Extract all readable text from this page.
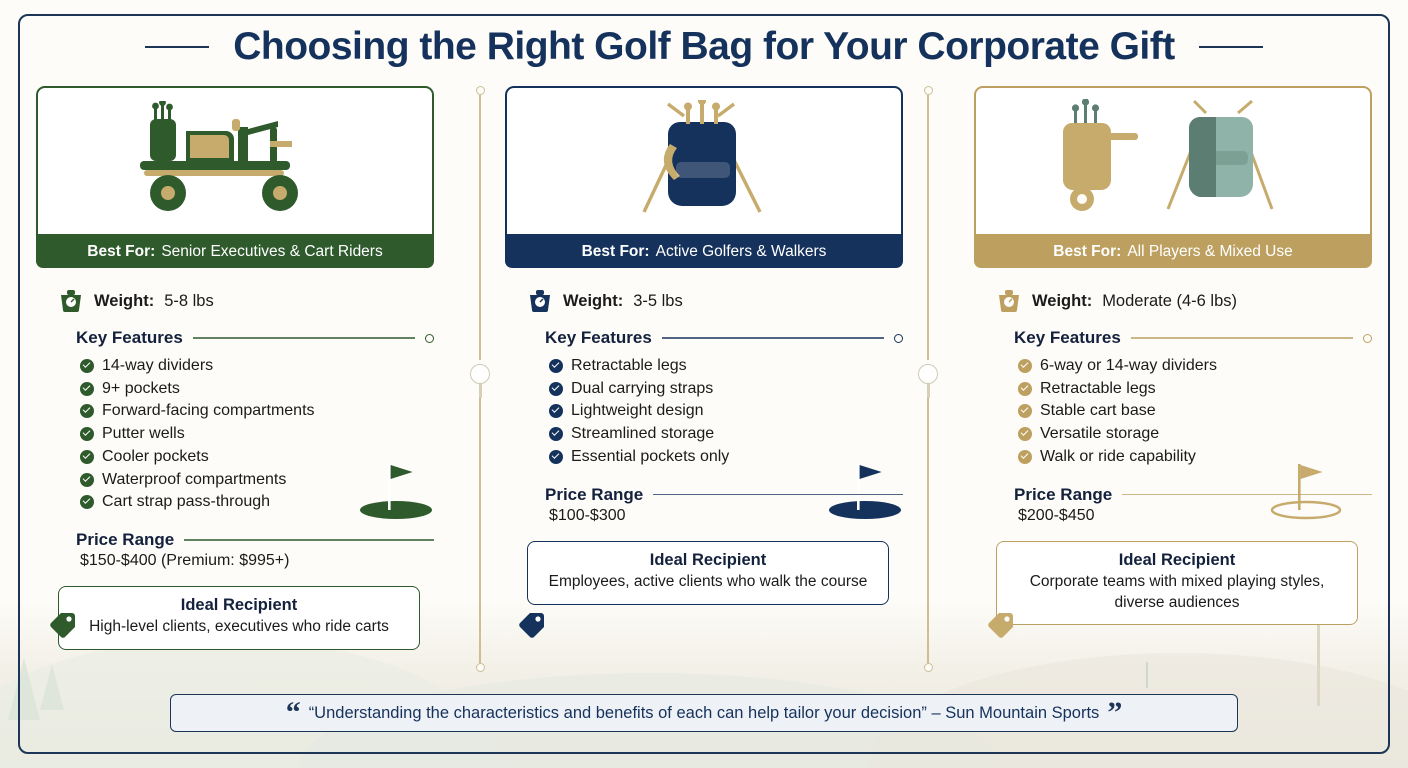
Choosing the Right Golf Bag for Your Corporate Gift
Best For: Senior Executives & Cart Riders
Weight: 5-8 lbs
Key Features
14-way dividers
9+ pockets
Forward-facing compartments
Putter wells
Cooler pockets
Waterproof compartments
Cart strap pass-through
Price Range
$150-$400 (Premium: $995+)
Ideal Recipient
High-level clients, executives who ride carts
Best For: Active Golfers & Walkers
Weight: 3-5 lbs
Key Features
Retractable legs
Dual carrying straps
Lightweight design
Streamlined storage
Essential pockets only
Price Range
$100-$300
Ideal Recipient
Employees, active clients who walk the course
Best For: All Players & Mixed Use
Weight: Moderate (4-6 lbs)
Key Features
6-way or 14-way dividers
Retractable legs
Stable cart base
Versatile storage
Walk or ride capability
Price Range
$200-$450
Ideal Recipient
Corporate teams with mixed playing styles, diverse audiences
“ “Understanding the characteristics and benefits of each can help tailor your decision” – Sun Mountain Sports ”
